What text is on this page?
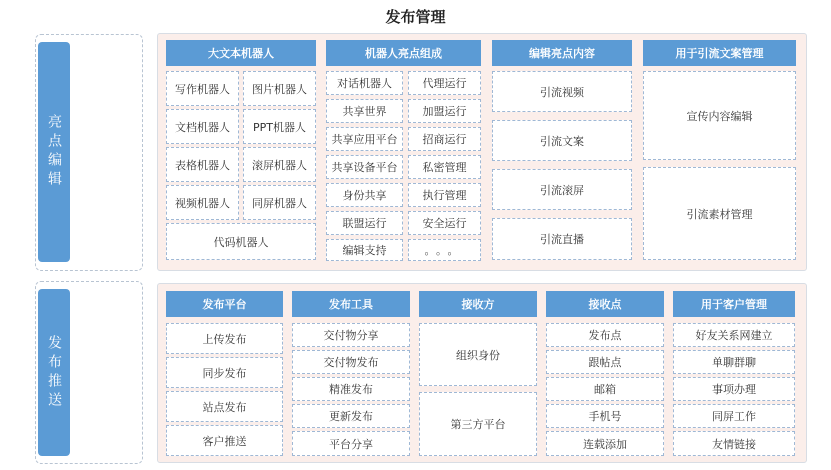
发布管理
亮点编辑
大文本机器人
写作机器人	图片机器人
文档机器人	PPT机器人
表格机器人	滚屏机器人
视频机器人	同屏机器人
代码机器人
机器人亮点组成
对话机器人	代理运行
共享世界	加盟运行
共享应用平台	招商运行
共享设备平台	私密管理
身份共享	执行管理
联盟运行	安全运行
编辑支持	。。。
编辑亮点内容
引流视频
引流文案
引流滚屏
引流直播
用于引流文案管理
宣传内容编辑
引流素材管理
发布推送
发布平台
上传发布
同步发布
站点发布
客户推送
发布工具
交付物分享
交付物发布
精准发布
更新发布
平台分享
接收方
组织身份
第三方平台
接收点
发布点
跟帖点
邮箱
手机号
连载添加
用于客户管理
好友关系网建立
单聊群聊
事项办理
同屏工作
友情链接
